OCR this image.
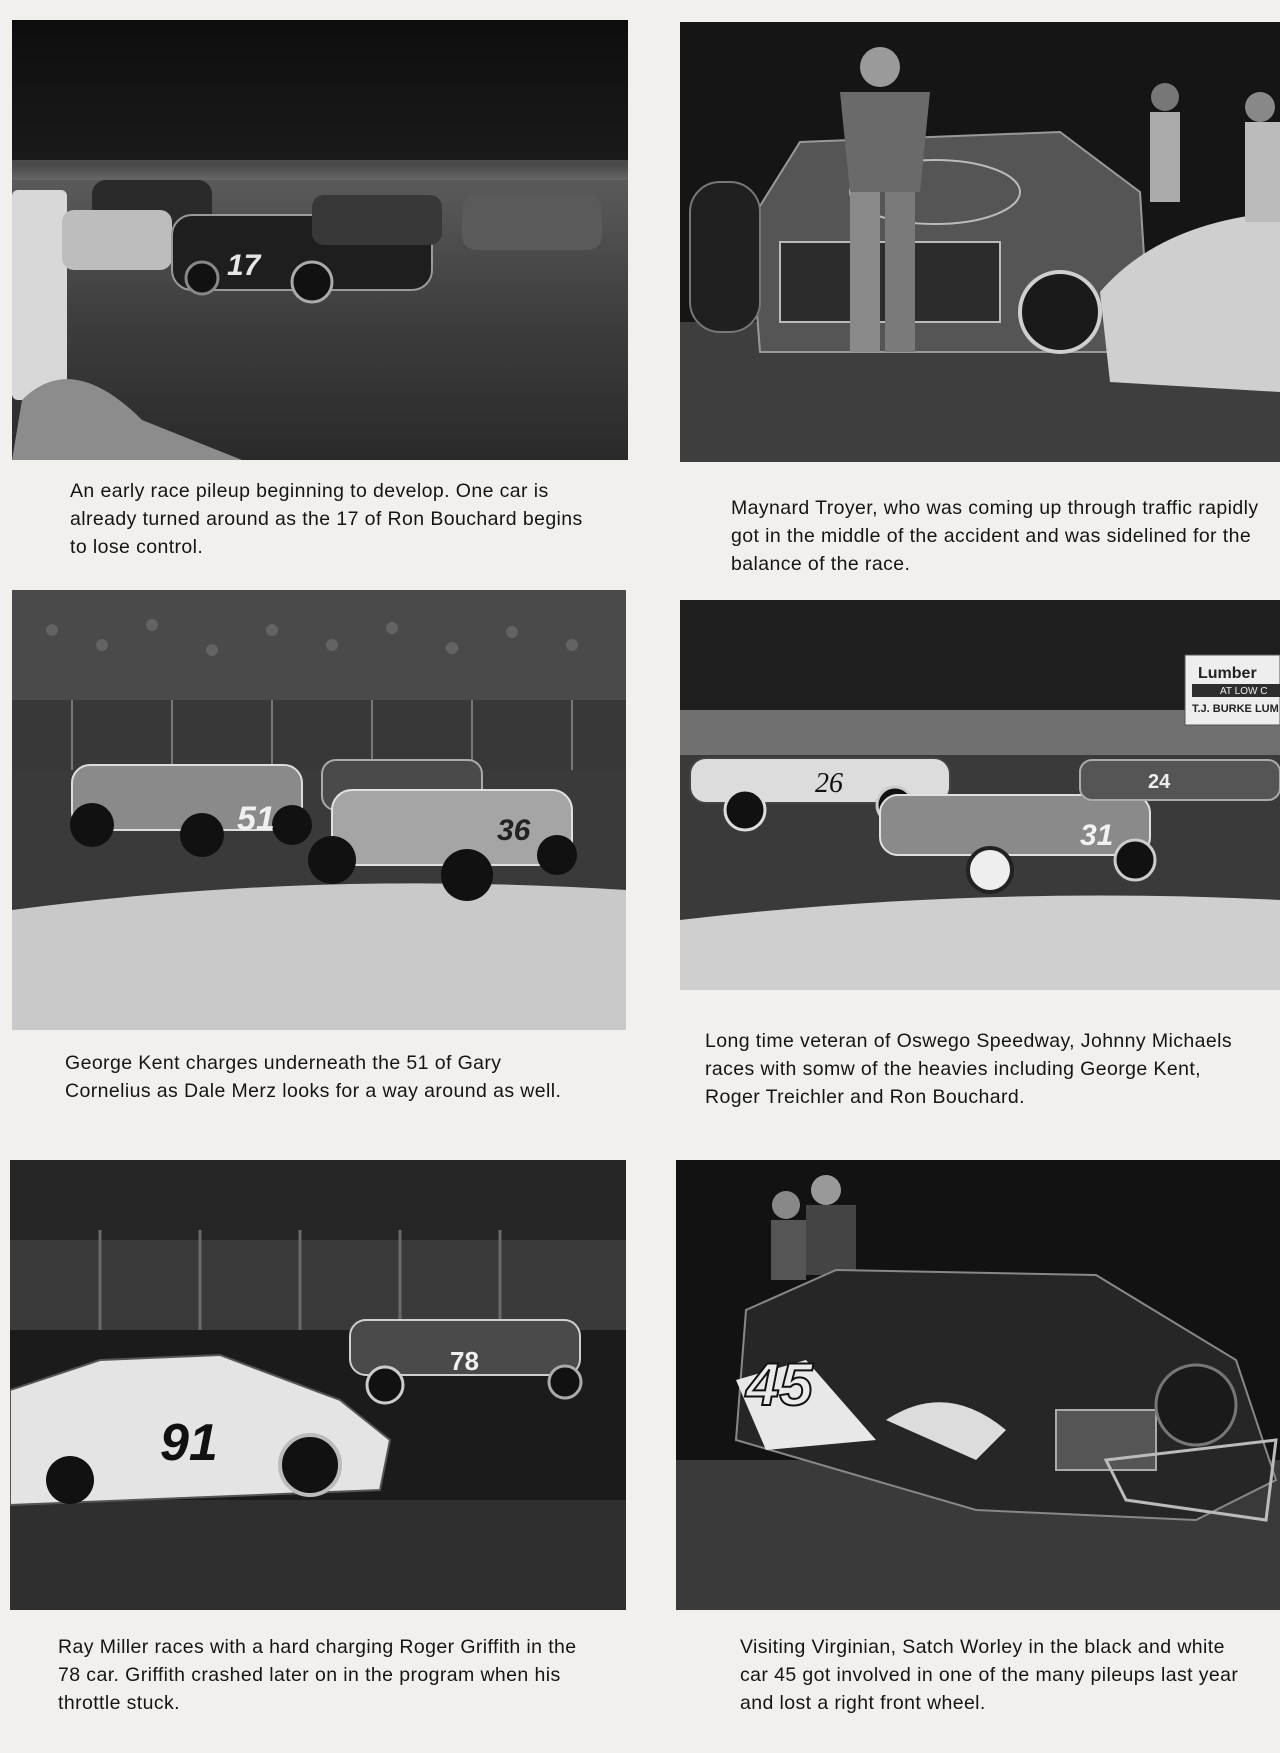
17
An early race pileup beginning to develop. One car is already turned around as the 17 of Ron Bouchard begins to lose control.
Maynard Troyer, who was coming up through traffic rapidly got in the middle of the accident and was sidelined for the balance of the race.
51	36
George Kent charges underneath the 51 of Gary Cornelius as Dale Merz looks for a way around as well.
Lumber
AT LOW C
T.J. BURKE LUM
26
31
24
Long time veteran of Oswego Speedway, Johnny Michaels races with somw of the heavies including George Kent, Roger Treichler and Ron Bouchard.
91
78
Ray Miller races with a hard charging Roger Griffith in the 78 car. Griffith crashed later on in the program when his throttle stuck.
45
Visiting Virginian, Satch Worley in the black and white car 45 got involved in one of the many pileups last year and lost a right front wheel.
